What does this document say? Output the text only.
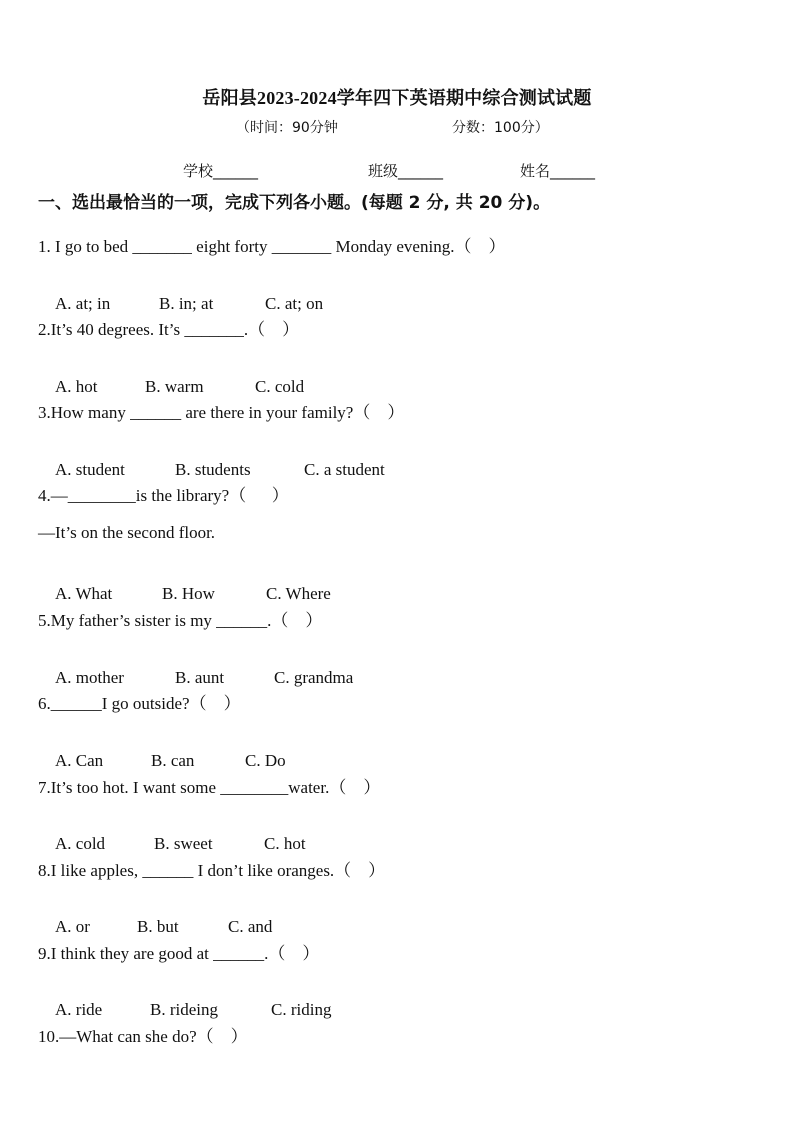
岳阳县2023-2024学年四下英语期中综合测试试题
（时间：90分钟	分数：100分）
学校______	班级______	姓名______
一、选出最恰当的一项，完成下列各小题。(每题 2 分, 共 20 分)。
1. I go to bed _______ eight forty _______ Monday evening.（    ）

A. at; in	B. in; at	C. at; on

2.It’s 40 degrees. It’s _______.（    ）

A. hot	B. warm	C. cold

3.How many ______ are there in your family?（    ）

A. student	B. students	C. a student

4.—________is the library?（      ）
—It’s on the second floor.

A. What	B. How	C. Where

5.My father’s sister is my ______.（    ）

A. mother	B. aunt	C. grandma

6.______I go outside?（    ）

A. Can	B. can	C. Do

7.It’s too hot. I want some ________water.（    ）

A. cold	B. sweet	C. hot

8.I like apples, ______ I don’t like oranges.（    ）

A. or	B. but	C. and

9.I think they are good at ______.（    ）

A. ride	B. rideing	C. riding

10.—What can she do?（    ）
